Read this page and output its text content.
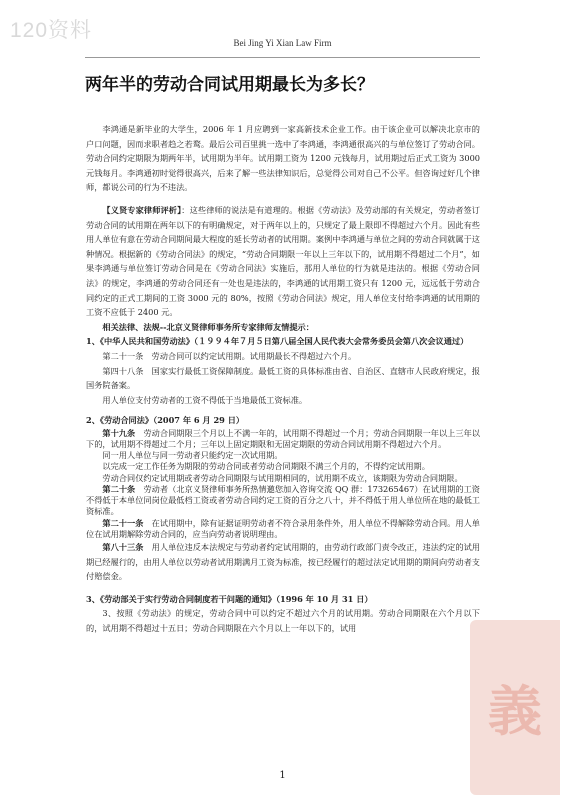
120资料
Bei Jing Yi Xian Law Firm
两年半的劳动合同试用期最长为多长？

李鸿通是新毕业的大学生，2006 年 1 月应聘到一家高新技术企业工作。由于该企业可以解决北京市的户口问题，因而求职者趋之若鹜。最后公司百里挑一选中了李鸿通，李鸿通很高兴的与单位签订了劳动合同。劳动合同约定期限为期两年半，试用期为半年。试用期工资为 1200 元钱每月，试用期过后正式工资为 3000 元钱每月。李鸿通初时觉得很高兴，后来了解一些法律知识后，总觉得公司对自己不公平。但咨询过好几个律师，都说公司的行为不违法。

【义贤专家律师评析】：这些律师的说法是有道理的。根据《劳动法》及劳动部的有关规定，劳动者签订劳动合同的试用期在两年以下的有明确规定，对于两年以上的，只规定了最上限即不得超过六个月。因此有些用人单位有意在劳动合同期间最大程度的延长劳动者的试用期。案例中李鸿通与单位之间的劳动合同就属于这种情况。根据新的《劳动合同法》的规定，“劳动合同期限一年以上三年以下的，试用期不得超过二个月”，如果李鸿通与单位签订劳动合同是在《劳动合同法》实施后，那用人单位的行为就是违法的。根据《劳动合同法》的规定，李鸿通的劳动合同还有一处也是违法的，李鸿通的试用期工资只有 1200 元，远远低于劳动合同约定的正式工期间的工资 3000 元的 80%，按照《劳动合同法》规定，用人单位支付给李鸿通的试用期的工资不应低于 2400 元。

相关法律、法规--北京义贤律师事务所专家律师友情提示：

1、《中华人民共和国劳动法》（１９９４年７月５日第八届全国人民代表大会常务委员会第八次会议通过）

第二十一条　劳动合同可以约定试用期。试用期最长不得超过六个月。

第四十八条　国家实行最低工资保障制度。最低工资的具体标准由省、自治区、直辖市人民政府规定，报国务院备案。

用人单位支付劳动者的工资不得低于当地最低工资标准。

2、《劳动合同法》（2007 年 6 月 29 日）

第十九条　 劳动合同期限三个月以上不满一年的，试用期不得超过一个月；劳动合同期限一年以上三年以下的，试用期不得超过二个月；三年以上固定期限和无固定期限的劳动合同试用期不得超过六个月。

同一用人单位与同一劳动者只能约定一次试用期。

以完成一定工作任务为期限的劳动合同或者劳动合同期限不满三个月的，不得约定试用期。

劳动合同仅约定试用期或者劳动合同期限与试用期相同的，试用期不成立，该期限为劳动合同期限。

第二十条　 劳动者（北京义贤律师事务所热情邀您加入咨询交流 QQ 群：173265467）在试用期的工资不得低于本单位同岗位最低档工资或者劳动合同约定工资的百分之八十，并不得低于用人单位所在地的最低工资标准。

第二十一条　 在试用期中，除有证据证明劳动者不符合录用条件外，用人单位不得解除劳动合同。用人单位在试用期解除劳动合同的，应当向劳动者说明理由。

第八十三条　 用人单位违反本法规定与劳动者约定试用期的，由劳动行政部门责令改正，违法约定的试用期已经履行的，由用人单位以劳动者试用期满月工资为标准，按已经履行的超过法定试用期的期间向劳动者支付赔偿金。

3、《劳动部关于实行劳动合同制度若干问题的通知》（1996 年 10 月 31 日）

3、按照《劳动法》的规定，劳动合同中可以约定不超过六个月的试用期。劳动合同期限在六个月以下的，试用期不得超过十五日；劳动合同期限在六个月以上一年以下的，试用

義
1
